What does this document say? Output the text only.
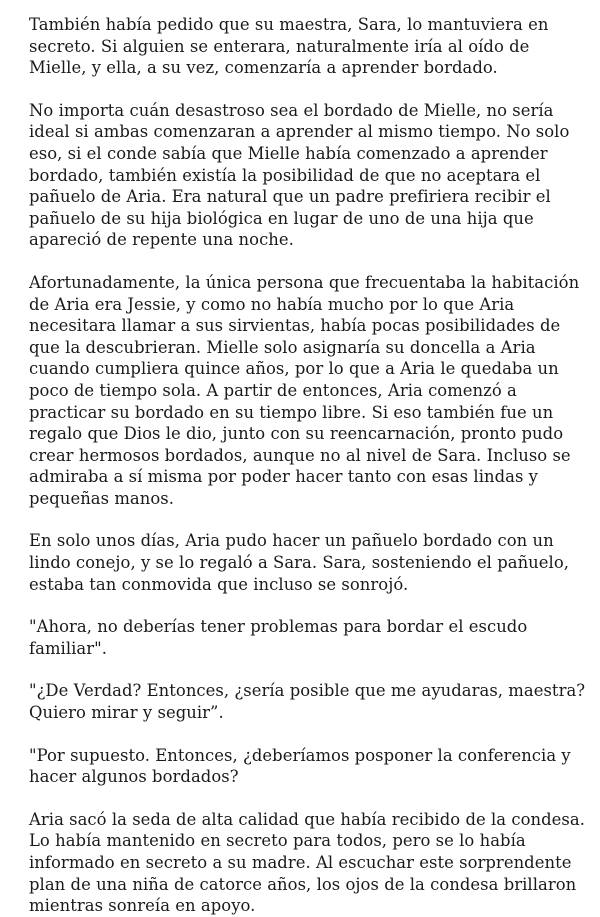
También había pedido que su maestra, Sara, lo mantuviera en secreto. Si alguien se enterara, naturalmente iría al oído de Mielle, y ella, a su vez, comenzaría a aprender bordado.

No importa cuán desastroso sea el bordado de Mielle, no sería ideal si ambas comenzaran a aprender al mismo tiempo. No solo eso, si el conde sabía que Mielle había comenzado a aprender bordado, también existía la posibilidad de que no aceptara el pañuelo de Aria. Era natural que un padre prefiriera recibir el pañuelo de su hija biológica en lugar de uno de una hija que apareció de repente una noche.

Afortunadamente, la única persona que frecuentaba la habitación de Aria era Jessie, y como no había mucho por lo que Aria necesitara llamar a sus sirvientas, había pocas posibilidades de que la descubrieran. Mielle solo asignaría su doncella a Aria cuando cumpliera quince años, por lo que a Aria le quedaba un poco de tiempo sola. A partir de entonces, Aria comenzó a practicar su bordado en su tiempo libre. Si eso también fue un regalo que Dios le dio, junto con su reencarnación, pronto pudo crear hermosos bordados, aunque no al nivel de Sara. Incluso se admiraba a sí misma por poder hacer tanto con esas lindas y pequeñas manos.

En solo unos días, Aria pudo hacer un pañuelo bordado con un lindo conejo, y se lo regaló a Sara. Sara, sosteniendo el pañuelo, estaba tan conmovida que incluso se sonrojó.

"Ahora, no deberías tener problemas para bordar el escudo familiar".

"¿De Verdad? Entonces, ¿sería posible que me ayudaras, maestra? Quiero mirar y seguir”.

"Por supuesto. Entonces, ¿deberíamos posponer la conferencia y hacer algunos bordados?

Aria sacó la seda de alta calidad que había recibido de la condesa. Lo había mantenido en secreto para todos, pero se lo había informado en secreto a su madre. Al escuchar este sorprendente plan de una niña de catorce años, los ojos de la condesa brillaron mientras sonreía en apoyo.
